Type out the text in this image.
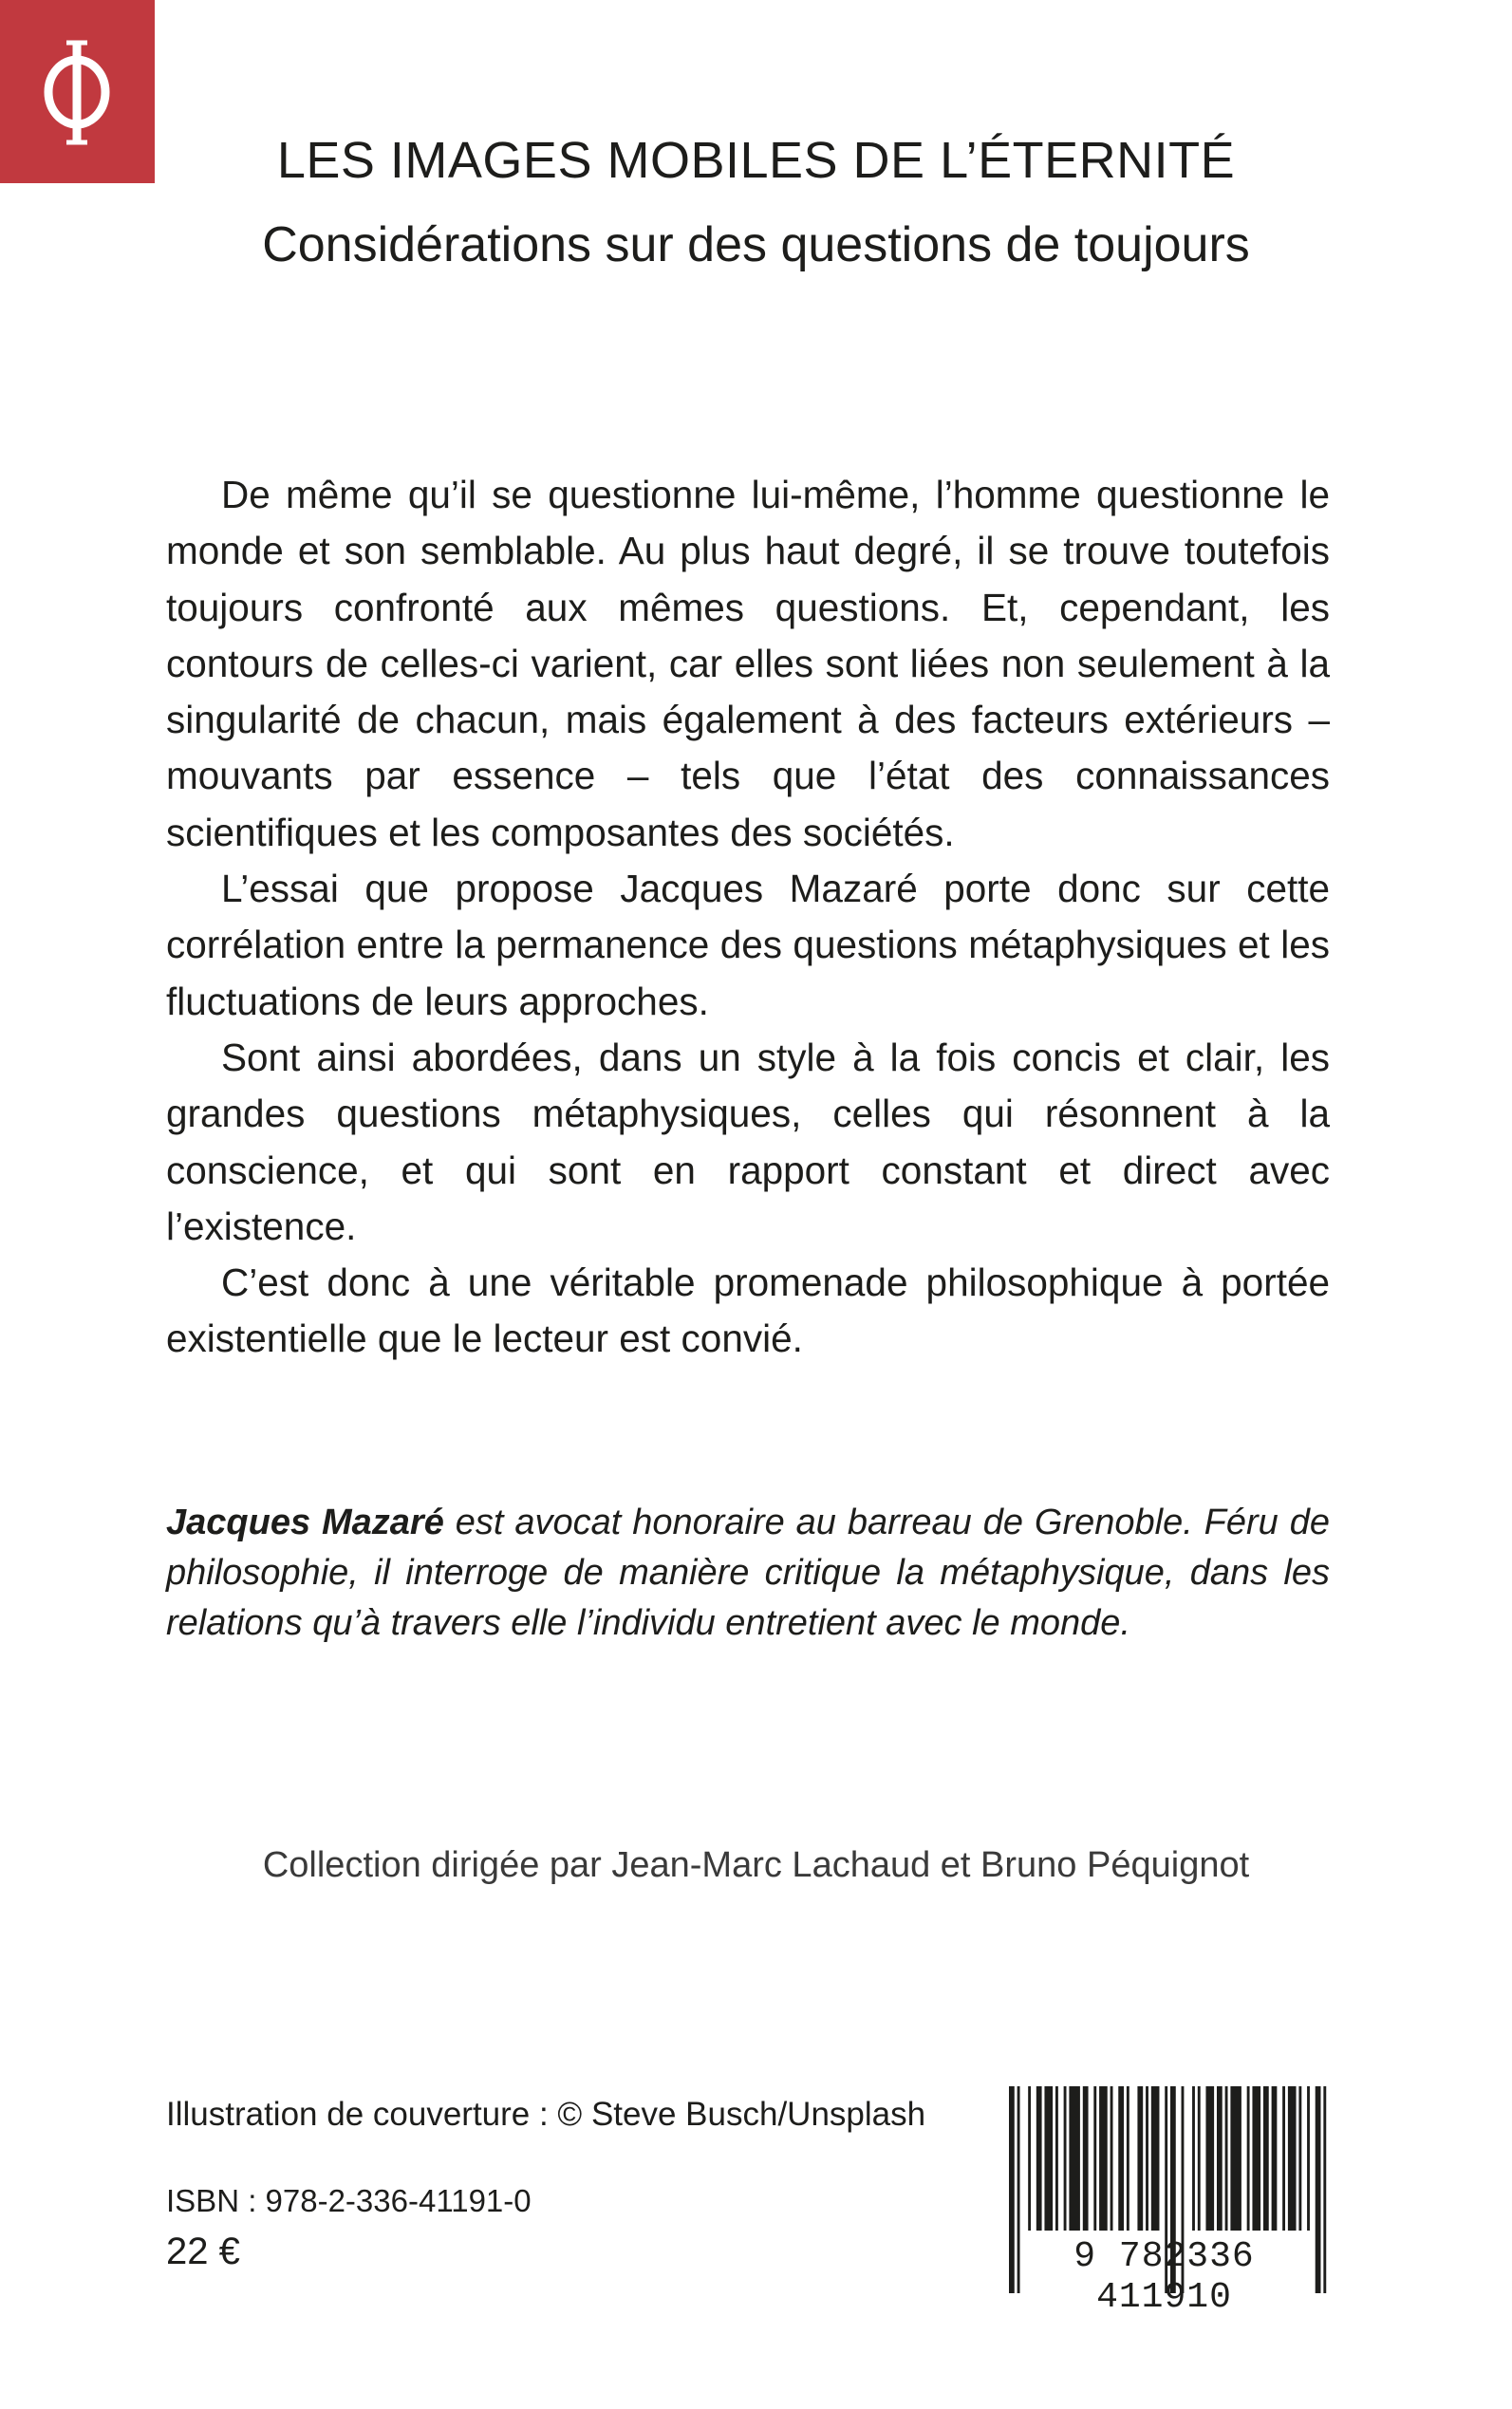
LES IMAGES MOBILES DE L’ÉTERNITÉ
Considérations sur des questions de toujours

De même qu’il se questionne lui-même, l’homme questionne le monde et son semblable. Au plus haut degré, il se trouve toutefois toujours confronté aux mêmes questions. Et, cependant, les contours de celles-ci varient, car elles sont liées non seulement à la singularité de chacun, mais également à des facteurs extérieurs – mouvants par essence – tels que l’état des connaissances scientifiques et les composantes des sociétés.

L’essai que propose Jacques Mazaré porte donc sur cette corrélation entre la permanence des questions métaphysiques et les fluctuations de leurs approches.

Sont ainsi abordées, dans un style à la fois concis et clair, les grandes questions métaphysiques, celles qui résonnent à la conscience, et qui sont en rapport constant et direct avec l’existence.

C’est donc à une véritable promenade philosophique à portée existentielle que le lecteur est convié.

Jacques Mazaré est avocat honoraire au barreau de Grenoble. Féru de philosophie, il interroge de manière critique la métaphysique, dans les relations qu’à travers elle l’individu entretient avec le monde.
Collection dirigée par Jean-Marc Lachaud et Bruno Péquignot
Illustration de couverture : © Steve Busch/Unsplash
ISBN : 978-2-336-41191-0
22 €	9 782336 411910
